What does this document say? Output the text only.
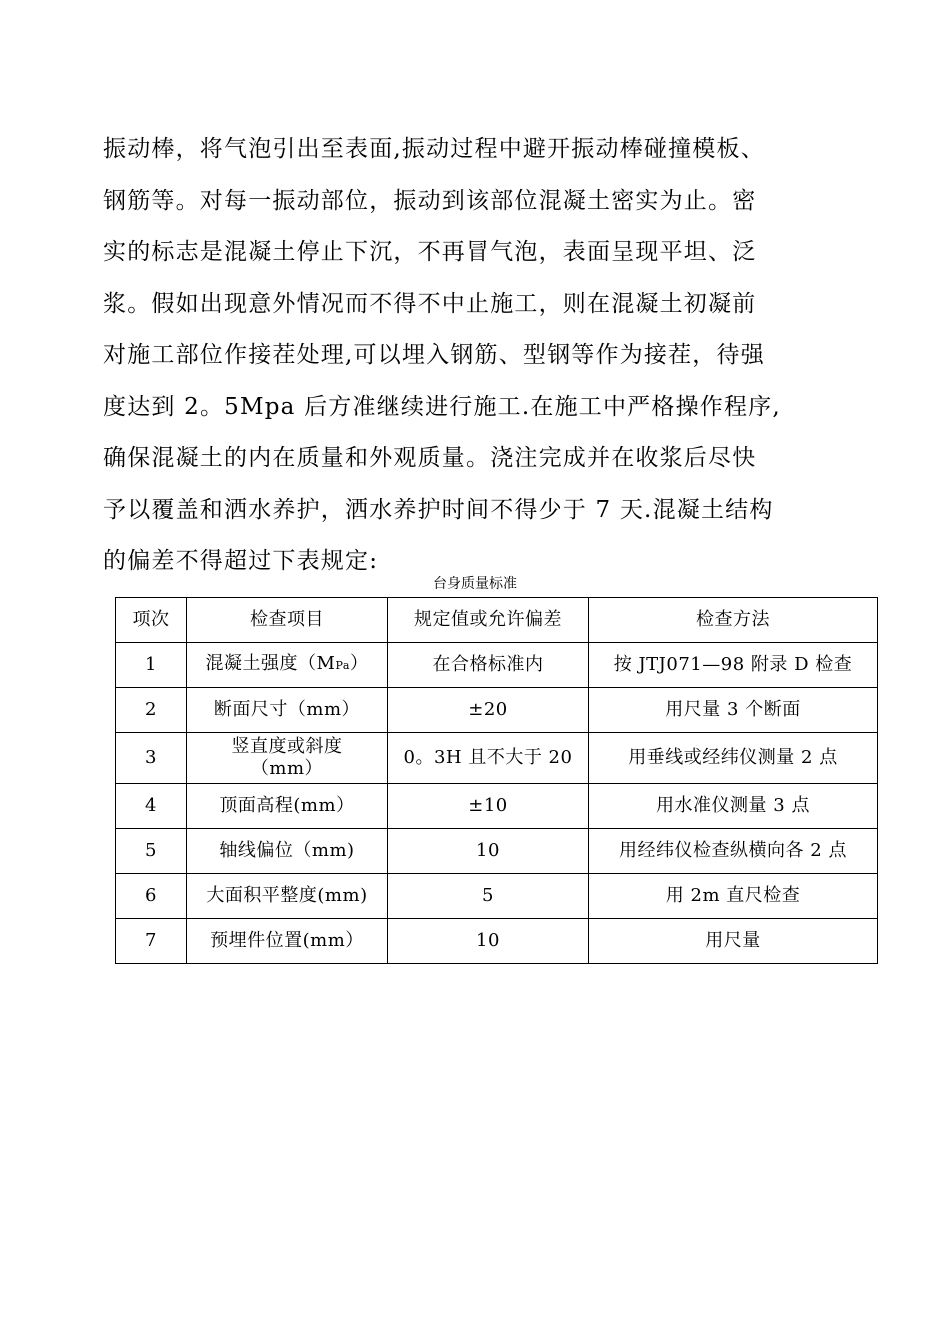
振动棒，将气泡引出至表面,振动过程中避开振动棒碰撞模板、
钢筋等。对每一振动部位，振动到该部位混凝土密实为止。密
实的标志是混凝土停止下沉，不再冒气泡，表面呈现平坦、泛
浆。假如出现意外情况而不得不中止施工，则在混凝土初凝前
对施工部位作接茬处理,可以埋入钢筋、型钢等作为接茬，待强
度达到 2。5Mpa 后方准继续进行施工.在施工中严格操作程序,
确保混凝土的内在质量和外观质量。浇注完成并在收浆后尽快
予以覆盖和洒水养护，洒水养护时间不得少于 7 天.混凝土结构
的偏差不得超过下表规定:
台身质量标准
项次	检查项目	规定值或允许偏差	检查方法
1	混凝土强度（MPa）	在合格标准内	按 JTJ071—98 附录 D 检查
2	断面尺寸（mm）	±20	用尺量 3 个断面
3	竖直度或斜度
（mm）	0。3H 且不大于 20	用垂线或经纬仪测量 2 点
4	顶面高程(mm）	±10	用水准仪测量 3 点
5	轴线偏位（mm)	10	用经纬仪检查纵横向各 2 点
6	大面积平整度(mm)	5	用 2m 直尺检查
7	预埋件位置(mm）	10	用尺量
